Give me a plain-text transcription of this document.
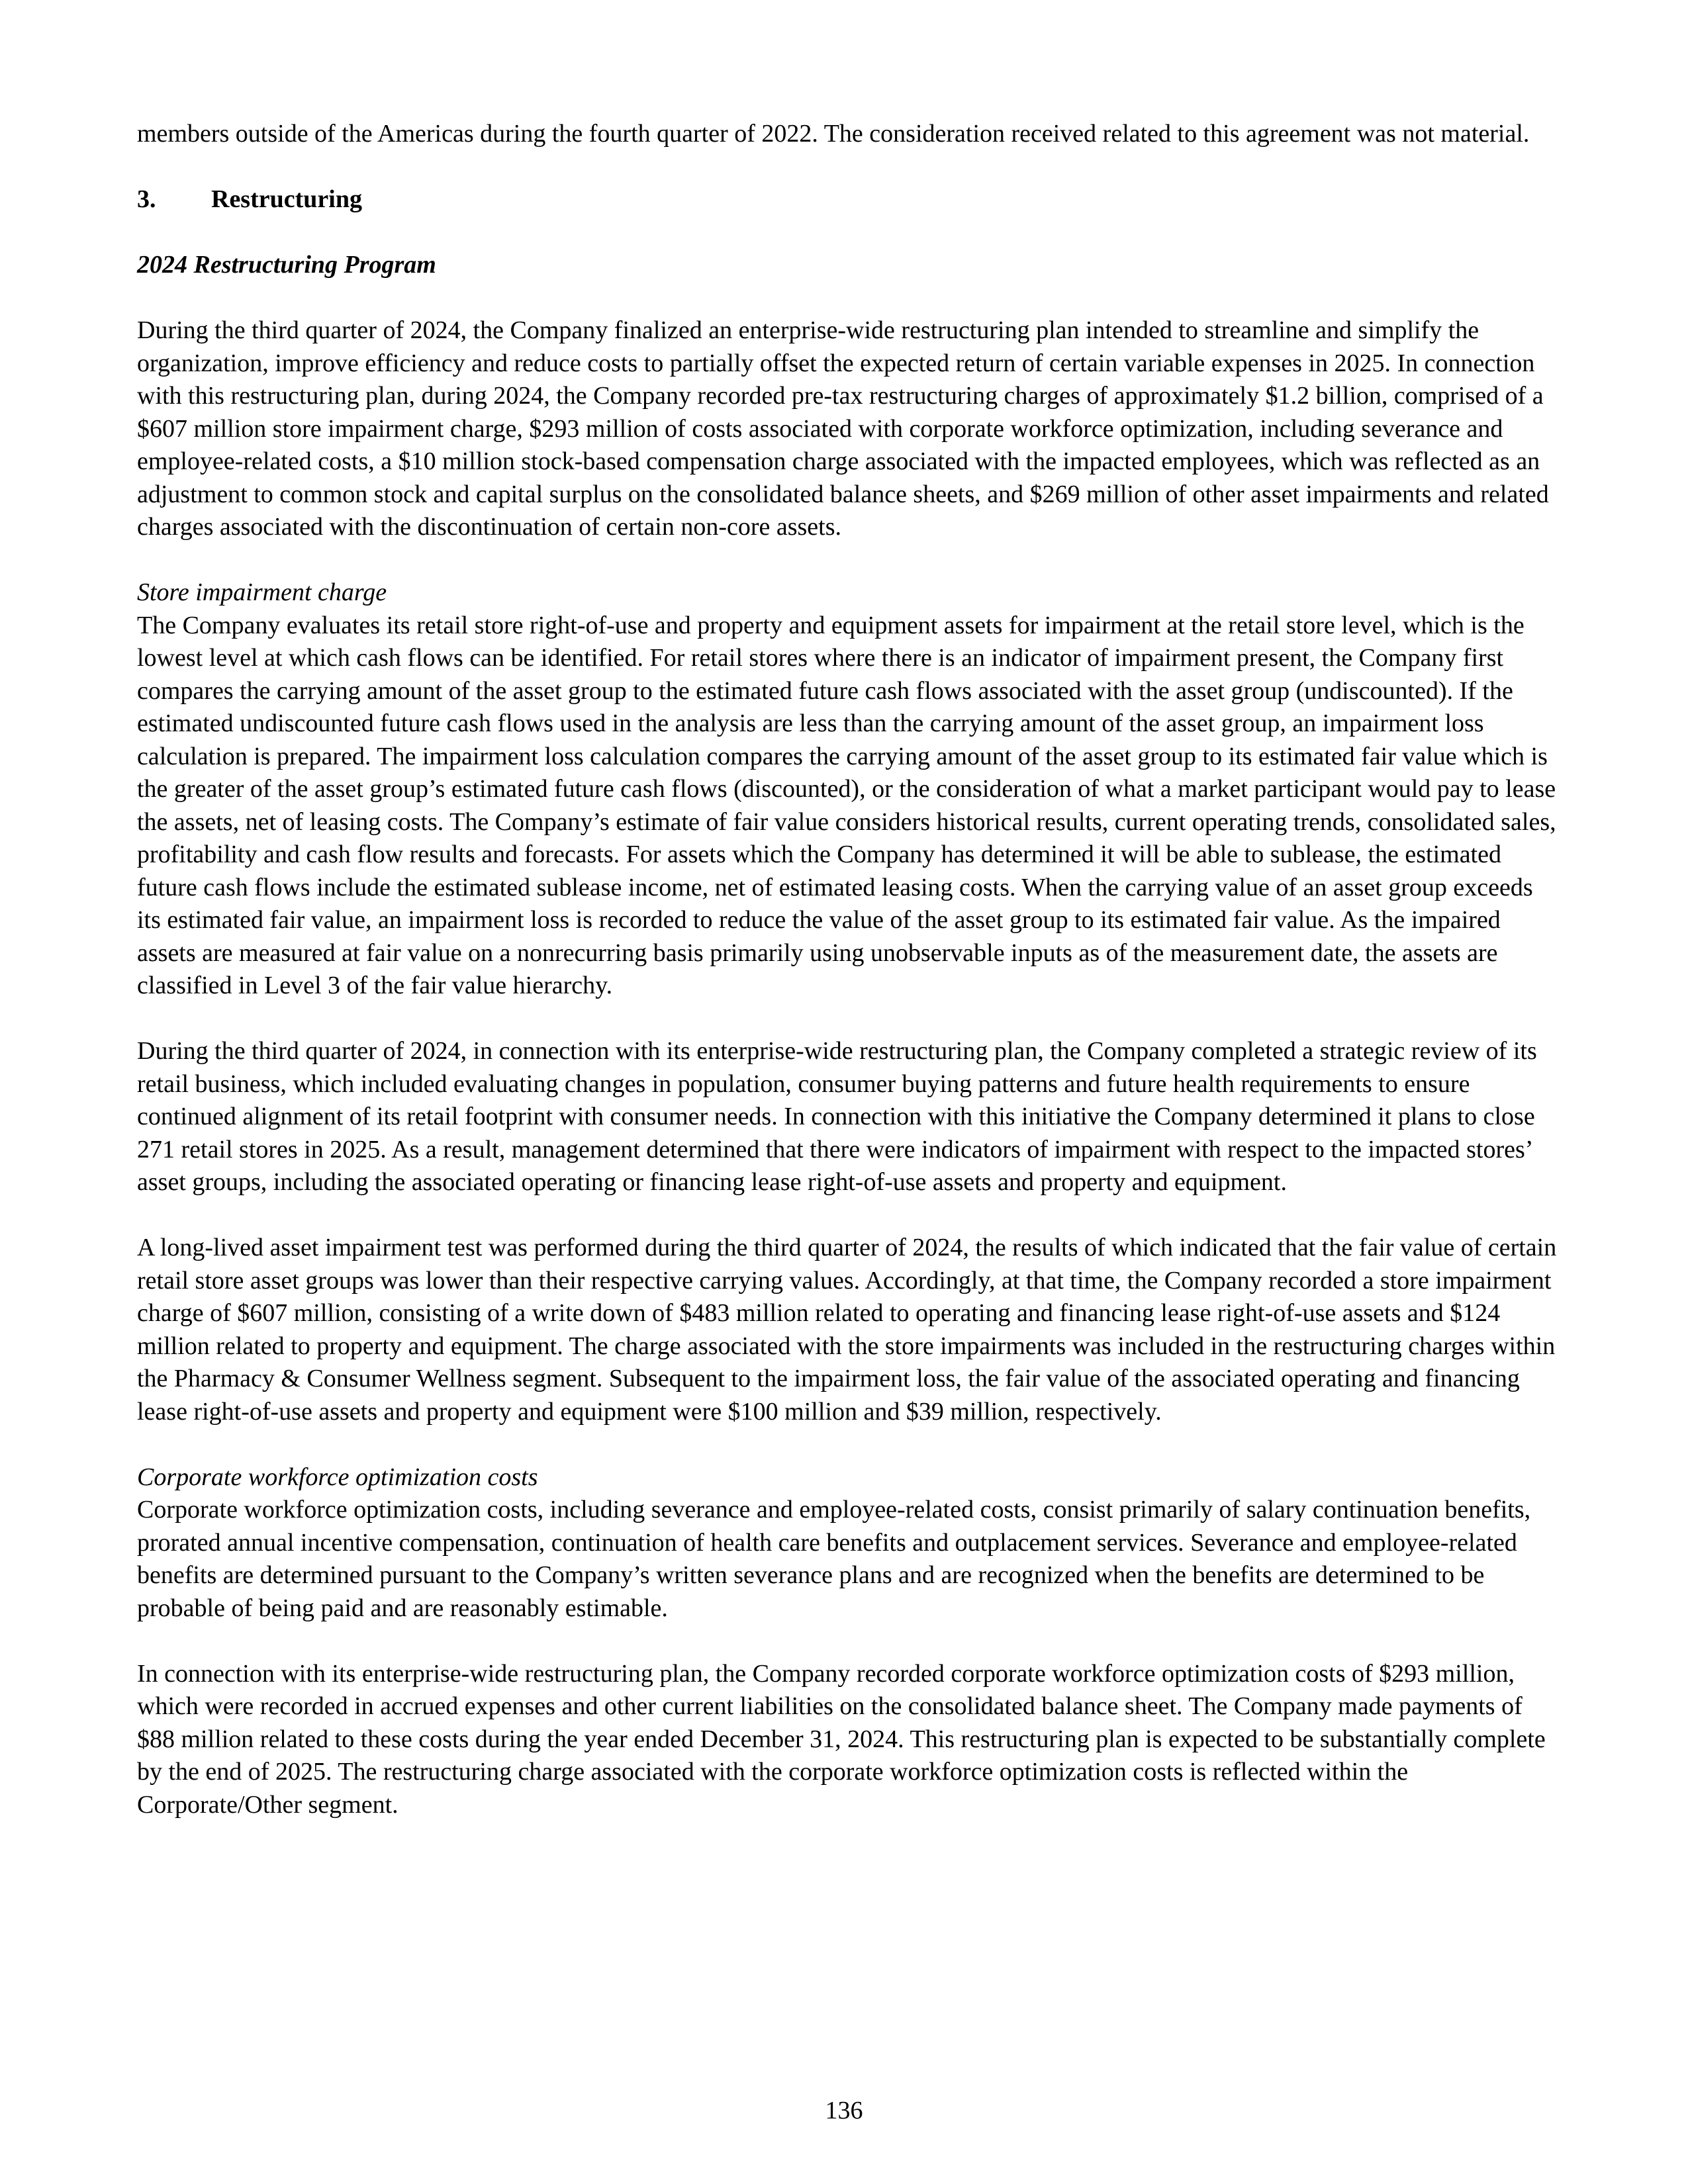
members outside of the Americas during the fourth quarter of 2022. The consideration received related to this agreement was not material.

3. Restructuring

2024 Restructuring Program

During the third quarter of 2024, the Company finalized an enterprise-wide restructuring plan intended to streamline and simplify the organization, improve efficiency and reduce costs to partially offset the expected return of certain variable expenses in 2025. In connection with this restructuring plan, during 2024, the Company recorded pre-tax restructuring charges of approximately $1.2 billion, comprised of a $607 million store impairment charge, $293 million of costs associated with corporate workforce optimization, including severance and employee-related costs, a $10 million stock-based compensation charge associated with the impacted employees, which was reflected as an adjustment to common stock and capital surplus on the consolidated balance sheets, and $269 million of other asset impairments and related charges associated with the discontinuation of certain non-core assets.

Store impairment charge

The Company evaluates its retail store right-of-use and property and equipment assets for impairment at the retail store level, which is the lowest level at which cash flows can be identified. For retail stores where there is an indicator of impairment present, the Company first compares the carrying amount of the asset group to the estimated future cash flows associated with the asset group (undiscounted). If the estimated undiscounted future cash flows used in the analysis are less than the carrying amount of the asset group, an impairment loss calculation is prepared. The impairment loss calculation compares the carrying amount of the asset group to its estimated fair value which is the greater of the asset group’s estimated future cash flows (discounted), or the consideration of what a market participant would pay to lease the assets, net of leasing costs. The Company’s estimate of fair value considers historical results, current operating trends, consolidated sales, profitability and cash flow results and forecasts. For assets which the Company has determined it will be able to sublease, the estimated future cash flows include the estimated sublease income, net of estimated leasing costs. When the carrying value of an asset group exceeds its estimated fair value, an impairment loss is recorded to reduce the value of the asset group to its estimated fair value. As the impaired assets are measured at fair value on a nonrecurring basis primarily using unobservable inputs as of the measurement date, the assets are classified in Level 3 of the fair value hierarchy.

During the third quarter of 2024, in connection with its enterprise-wide restructuring plan, the Company completed a strategic review of its retail business, which included evaluating changes in population, consumer buying patterns and future health requirements to ensure continued alignment of its retail footprint with consumer needs. In connection with this initiative the Company determined it plans to close 271 retail stores in 2025. As a result, management determined that there were indicators of impairment with respect to the impacted stores’ asset groups, including the associated operating or financing lease right-of-use assets and property and equipment.

A long-lived asset impairment test was performed during the third quarter of 2024, the results of which indicated that the fair value of certain retail store asset groups was lower than their respective carrying values. Accordingly, at that time, the Company recorded a store impairment charge of $607 million, consisting of a write down of $483 million related to operating and financing lease right-of-use assets and $124 million related to property and equipment. The charge associated with the store impairments was included in the restructuring charges within the Pharmacy & Consumer Wellness segment. Subsequent to the impairment loss, the fair value of the associated operating and financing lease right-of-use assets and property and equipment were $100 million and $39 million, respectively.

Corporate workforce optimization costs

Corporate workforce optimization costs, including severance and employee-related costs, consist primarily of salary continuation benefits, prorated annual incentive compensation, continuation of health care benefits and outplacement services. Severance and employee-related benefits are determined pursuant to the Company’s written severance plans and are recognized when the benefits are determined to be probable of being paid and are reasonably estimable.

In connection with its enterprise-wide restructuring plan, the Company recorded corporate workforce optimization costs of $293 million, which were recorded in accrued expenses and other current liabilities on the consolidated balance sheet. The Company made payments of $88 million related to these costs during the year ended December 31, 2024. This restructuring plan is expected to be substantially complete by the end of 2025. The restructuring charge associated with the corporate workforce optimization costs is reflected within the Corporate/Other segment.

136
